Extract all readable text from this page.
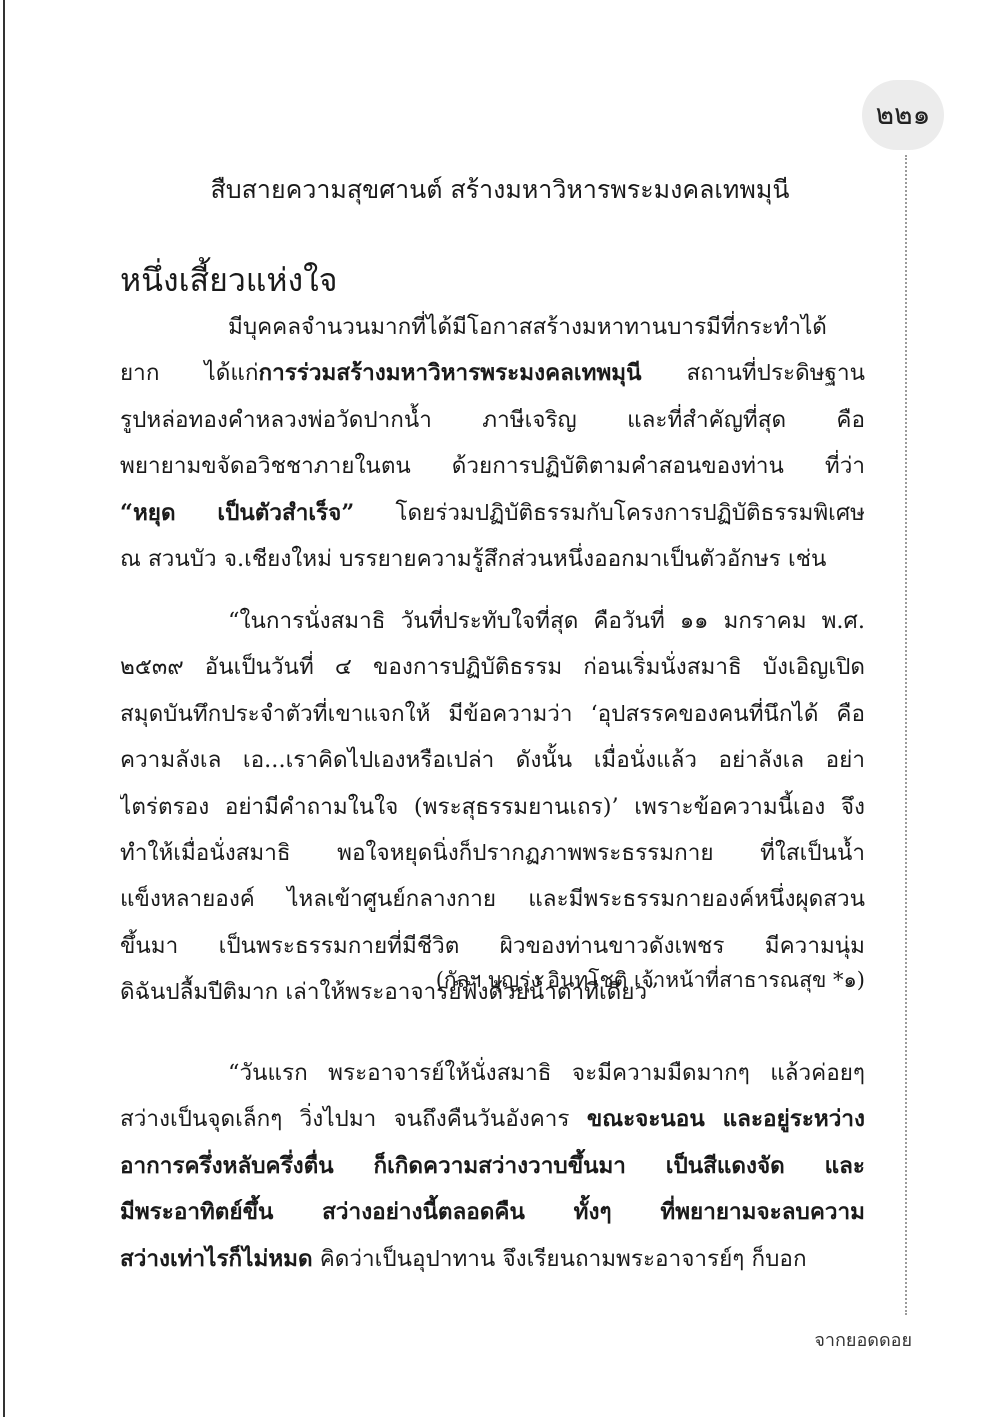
๒๒๑
สืบสายความสุขศานต์ สร้างมหาวิหารพระมงคลเทพมุนี
หนึ่งเสี้ยวแห่งใจ
มีบุคคลจำนวนมากที่ได้มีโอกาสสร้างมหาทานบารมีที่กระทำได้
ยาก ได้แก่การร่วมสร้างมหาวิหารพระมงคลเทพมุนี สถานที่ประดิษฐาน
รูปหล่อทองคำหลวงพ่อวัดปากน้ำ ภาษีเจริญ และที่สำคัญที่สุด คือ
พยายามขจัดอวิชชาภายในตน ด้วยการปฏิบัติตามคำสอนของท่าน ที่ว่า
“หยุด เป็นตัวสำเร็จ” โดยร่วมปฏิบัติธรรมกับโครงการปฏิบัติธรรมพิเศษ
ณ สวนบัว จ.เชียงใหม่ บรรยายความรู้สึกส่วนหนึ่งออกมาเป็นตัวอักษร เช่น
“ในการนั่งสมาธิ วันที่ประทับใจที่สุด คือวันที่ ๑๑ มกราคม พ.ศ.
๒๕๓๙ อันเป็นวันที่ ๔ ของการปฏิบัติธรรม ก่อนเริ่มนั่งสมาธิ บังเอิญเปิด
สมุดบันทึกประจำตัวที่เขาแจกให้ มีข้อความว่า ‘อุปสรรคของคนที่นึกได้ คือ
ความลังเล เอ...เราคิดไปเองหรือเปล่า ดังนั้น เมื่อนั่งแล้ว อย่าลังเล อย่า
ไตร่ตรอง อย่ามีคำถามในใจ (พระสุธรรมยานเถร)’ เพราะข้อความนี้เอง จึง
ทำให้เมื่อนั่งสมาธิ พอใจหยุดนิ่งก็ปรากฏภาพพระธรรมกาย ที่ใสเป็นน้ำ
แข็งหลายองค์ ไหลเข้าศูนย์กลางกาย และมีพระธรรมกายองค์หนึ่งผุดสวน
ขึ้นมา เป็นพระธรรมกายที่มีชีวิต ผิวของท่านขาวดังเพชร มีความนุ่ม
ดิฉันปลื้มปีติมาก เล่าให้พระอาจารย์ฟังด้วยน้ำตาทีเดียว”
(กัลฯ บุญรุ่ง อินทโชติ เจ้าหน้าที่สาธารณสุข *๑)
“วันแรก พระอาจารย์ให้นั่งสมาธิ จะมีความมืดมากๆ แล้วค่อยๆ
สว่างเป็นจุดเล็กๆ วิ่งไปมา จนถึงคืนวันอังคาร ขณะจะนอน และอยู่ระหว่าง
อาการครึ่งหลับครึ่งตื่น ก็เกิดความสว่างวาบขึ้นมา เป็นสีแดงจัด และ
มีพระอาทิตย์ขึ้น สว่างอย่างนี้ตลอดคืน ทั้งๆ ที่พยายามจะลบความ
สว่างเท่าไรก็ไม่หมด คิดว่าเป็นอุปาทาน จึงเรียนถามพระอาจารย์ๆ ก็บอก
จากยอดดอย
